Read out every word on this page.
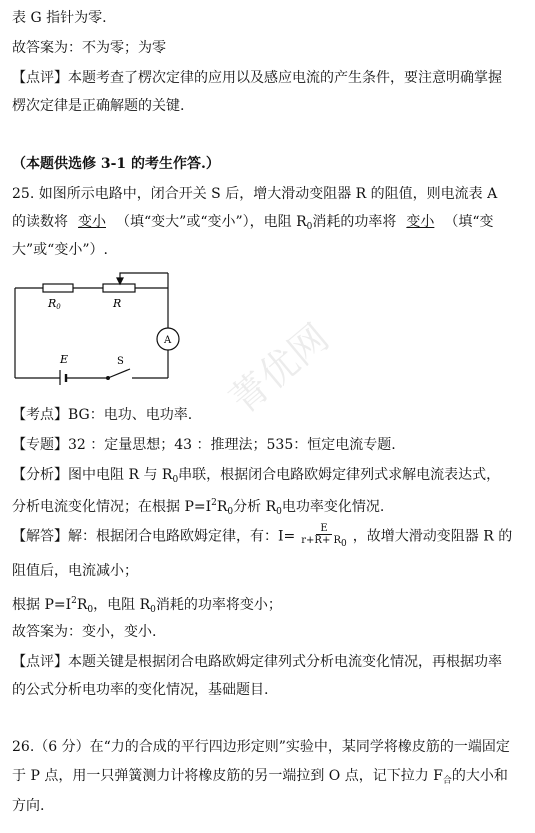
菁优网
表 G 指针为零.
故答案为：不为零；为零
【点评】本题考查了楞次定律的应用以及感应电流的产生条件，要注意明确掌握
楞次定律是正确解题的关键.
（本题供选修 3-1 的考生作答.）
25. 如图所示电路中，闭合开关 S 后，增大滑动变阻器 R 的阻值，则电流表 A
的读数将 变小 （填“变大”或“变小”），电阻 $R_0$消耗的功率将 变小 （填“变
大”或“变小”）.
R0	R
A
E	S
【考点】BG：电功、电功率.
【专题】32 ：定量思想；43 ：推理法；535：恒定电流专题.
【分析】图中电阻 R 与 $R_0$串联，根据闭合电路欧姆定律列式求解电流表达式，
分析电流变化情况；在根据 $P=I^2R_0$分析 $R_0$电功率变化情况.
【解答】解：根据闭合电路欧姆定律，有：$I= \frac{E}{r+R+ R0}$ ，故增大滑动变阻器 R 的
阻值后，电流减小；
根据 $P=I^2R_0$，电阻 $R_0$消耗的功率将变小；
故答案为：变小，变小.
【点评】本题关键是根据闭合电路欧姆定律列式分析电流变化情况，再根据功率
的公式分析电功率的变化情况，基础题目.
26.（6 分）在“力的合成的平行四边形定则”实验中，某同学将橡皮筋的一端固定
于 P 点，用一只弹簧测力计将橡皮筋的另一端拉到 O 点，记下拉力 $F_合$的大小和
方向.
